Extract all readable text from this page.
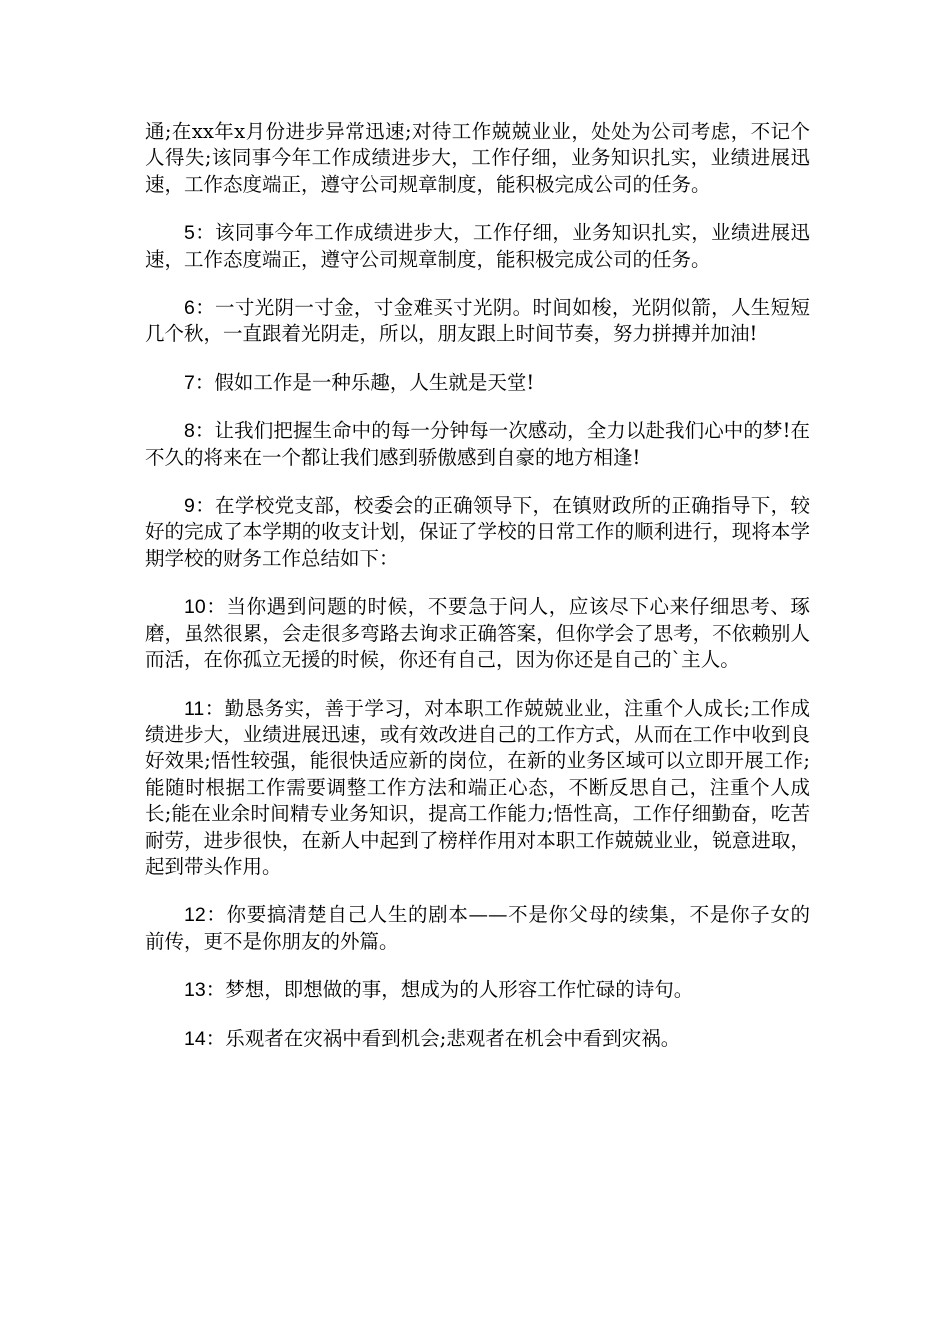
通;在xx年x月份进步异常迅速;对待工作兢兢业业，处处为公司考虑，不记个人得失;该同事今年工作成绩进步大，工作仔细，业务知识扎实，业绩进展迅速，工作态度端正，遵守公司规章制度，能积极完成公司的任务。

5：该同事今年工作成绩进步大，工作仔细，业务知识扎实，业绩进展迅速，工作态度端正，遵守公司规章制度，能积极完成公司的任务。

6：一寸光阴一寸金，寸金难买寸光阴。时间如梭，光阴似箭，人生短短几个秋，一直跟着光阴走，所以，朋友跟上时间节奏，努力拼搏并加油!

7：假如工作是一种乐趣，人生就是天堂!

8：让我们把握生命中的每一分钟每一次感动，全力以赴我们心中的梦!在不久的将来在一个都让我们感到骄傲感到自豪的地方相逢!

9：在学校党支部，校委会的正确领导下，在镇财政所的正确指导下，较好的完成了本学期的收支计划，保证了学校的日常工作的顺利进行，现将本学期学校的财务工作总结如下：

10：当你遇到问题的时候，不要急于问人，应该尽下心来仔细思考、琢磨，虽然很累，会走很多弯路去询求正确答案，但你学会了思考，不依赖别人而活，在你孤立无援的时候，你还有自己，因为你还是自己的`主人。

11：勤恳务实，善于学习，对本职工作兢兢业业，注重个人成长;工作成绩进步大，业绩进展迅速，或有效改进自己的工作方式，从而在工作中收到良好效果;悟性较强，能很快适应新的岗位，在新的业务区域可以立即开展工作;能随时根据工作需要调整工作方法和端正心态，不断反思自己，注重个人成长;能在业余时间精专业务知识，提高工作能力;悟性高，工作仔细勤奋，吃苦耐劳，进步很快，在新人中起到了榜样作用对本职工作兢兢业业，锐意进取，起到带头作用。

12：你要搞清楚自己人生的剧本——不是你父母的续集，不是你子女的前传，更不是你朋友的外篇。

13：梦想，即想做的事，想成为的人形容工作忙碌的诗句。

14：乐观者在灾祸中看到机会;悲观者在机会中看到灾祸。
